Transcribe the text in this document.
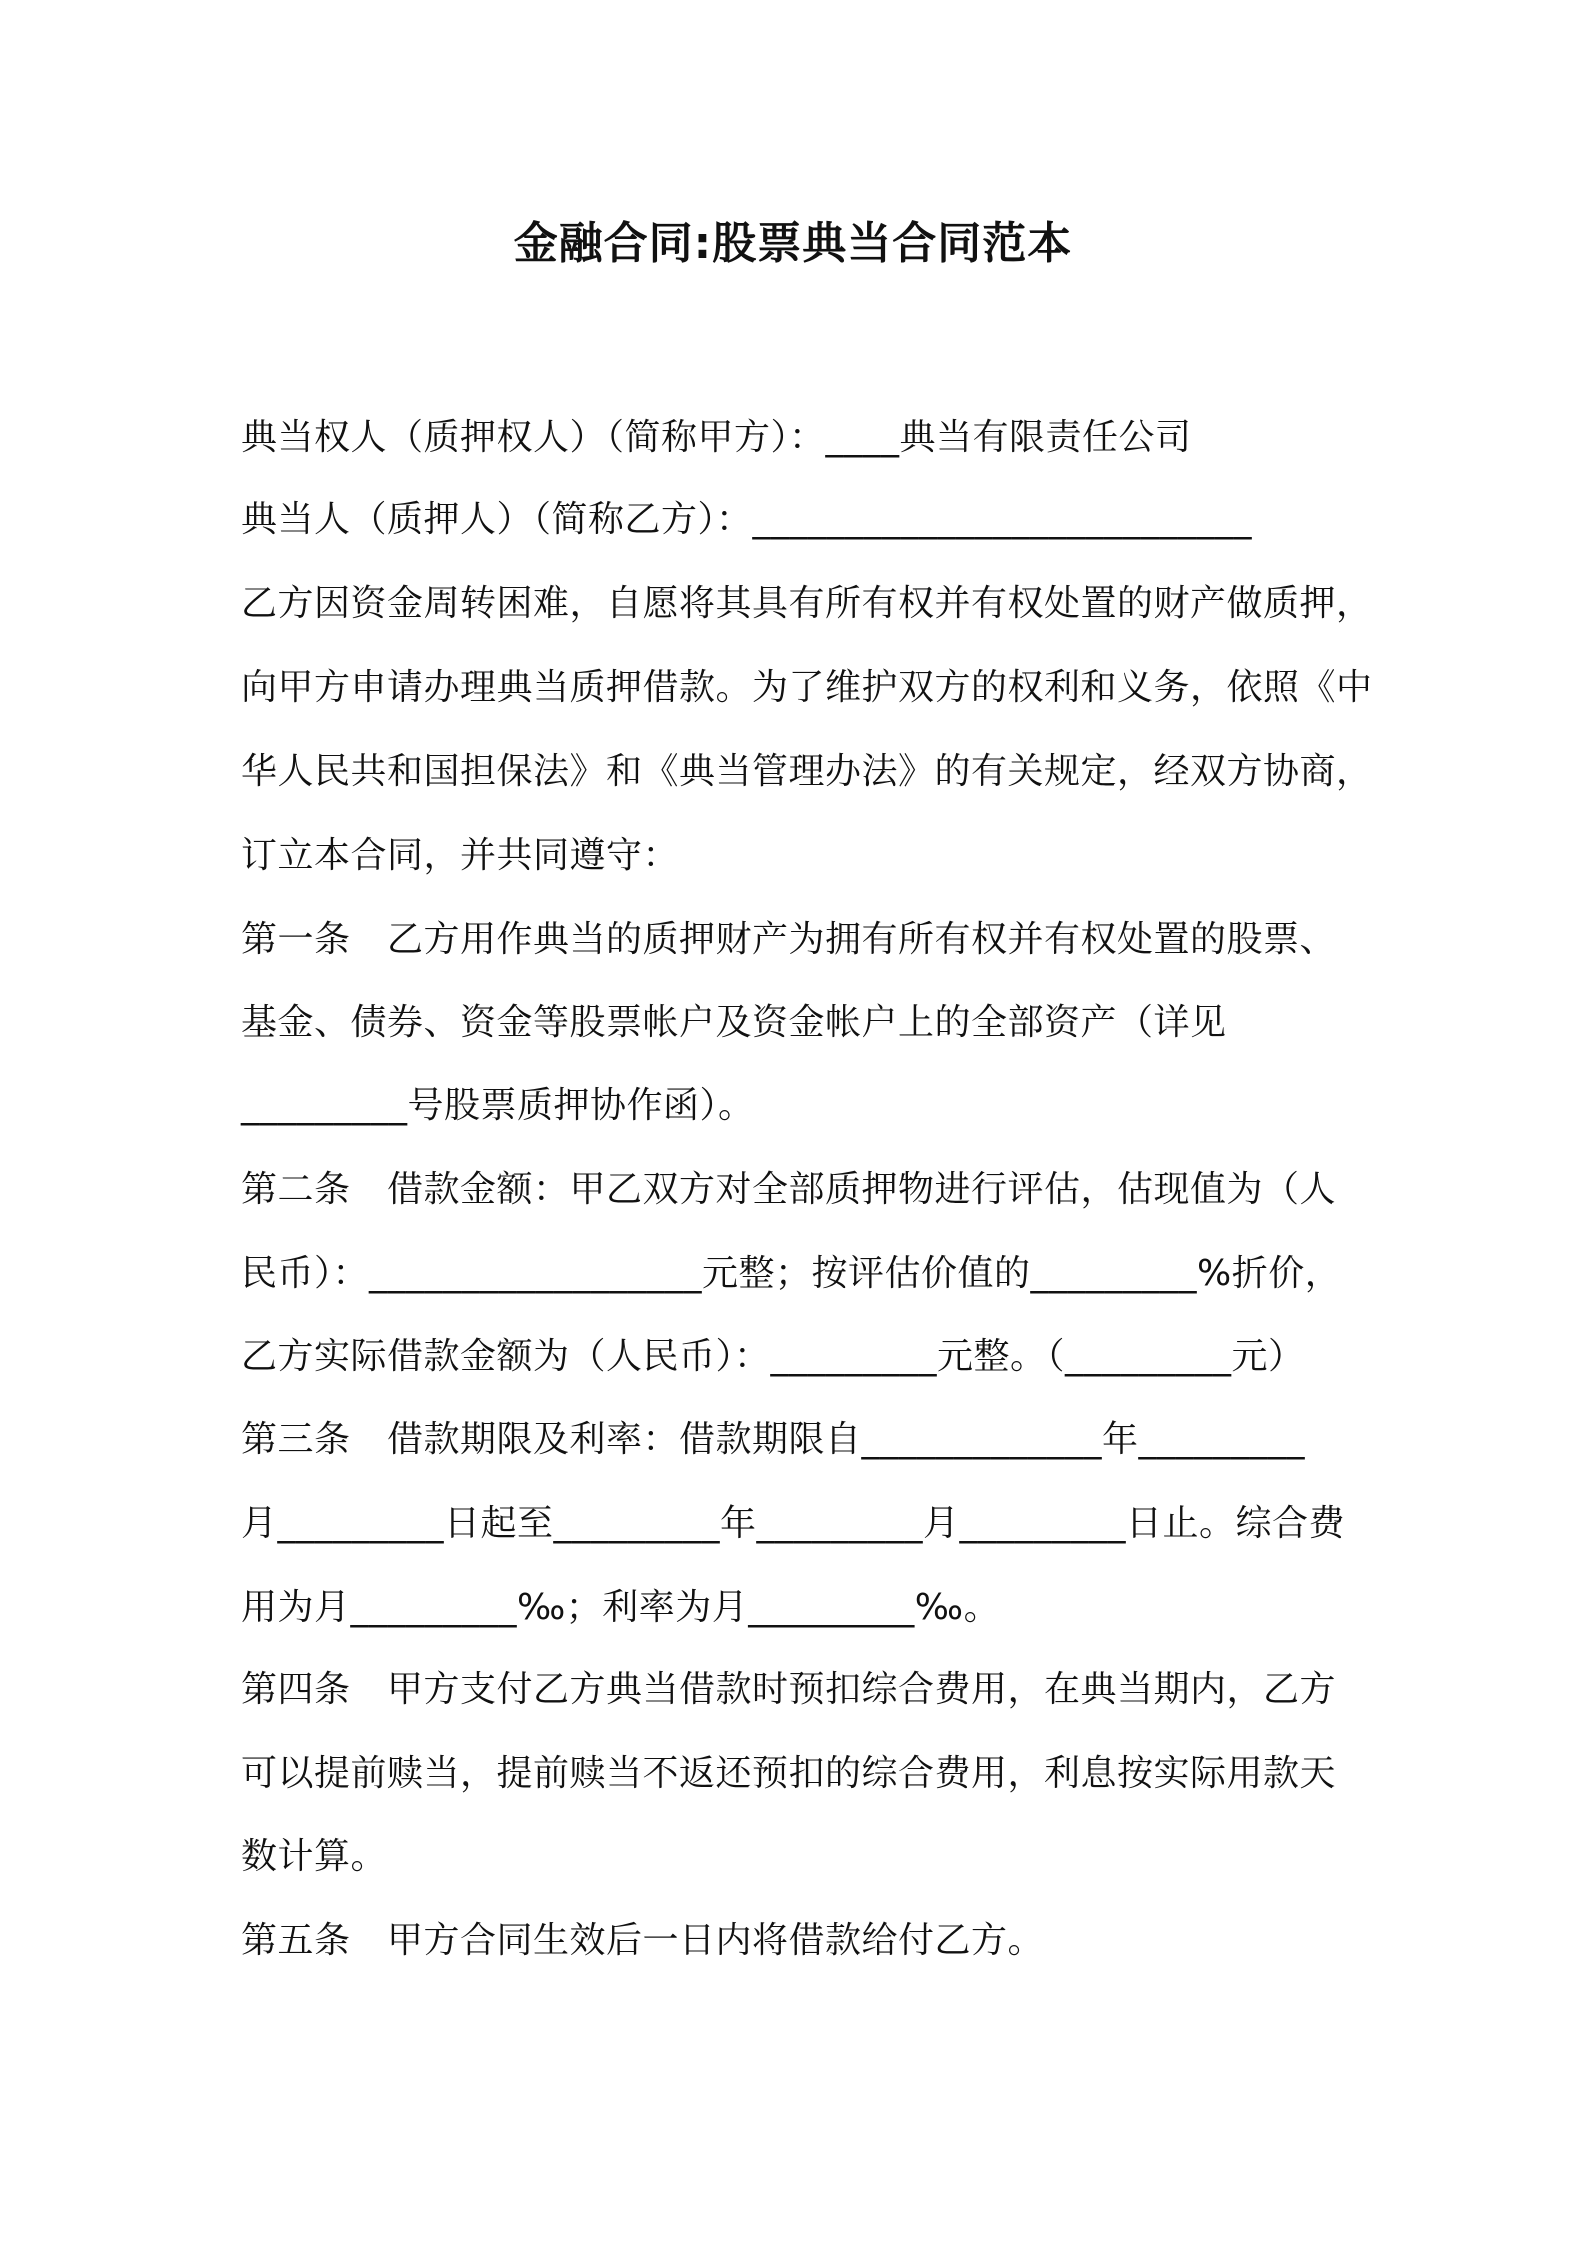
金融合同:股票典当合同范本
典当权人（质押权人）（简称甲方）：____典当有限责任公司
典当人（质押人）（简称乙方）：___________________________
乙方因资金周转困难，自愿将其具有所有权并有权处置的财产做质押，
向甲方申请办理典当质押借款。为了维护双方的权利和义务，依照《中
华人民共和国担保法》和《典当管理办法》的有关规定，经双方协商，
订立本合同，并共同遵守：
第一条　乙方用作典当的质押财产为拥有所有权并有权处置的股票、
基金、债券、资金等股票帐户及资金帐户上的全部资产（详见
_________号股票质押协作函）。
第二条　借款金额：甲乙双方对全部质押物进行评估，估现值为（人
民币）：__________________元整；按评估价值的_________%折价，
乙方实际借款金额为（人民币）：_________元整。（_________元）
第三条　借款期限及利率：借款期限自_____________年_________
月_________日起至_________年_________月_________日止。综合费
用为月_________‰；利率为月_________‰。
第四条　甲方支付乙方典当借款时预扣综合费用，在典当期内，乙方
可以提前赎当，提前赎当不返还预扣的综合费用，利息按实际用款天
数计算。
第五条　甲方合同生效后一日内将借款给付乙方。
